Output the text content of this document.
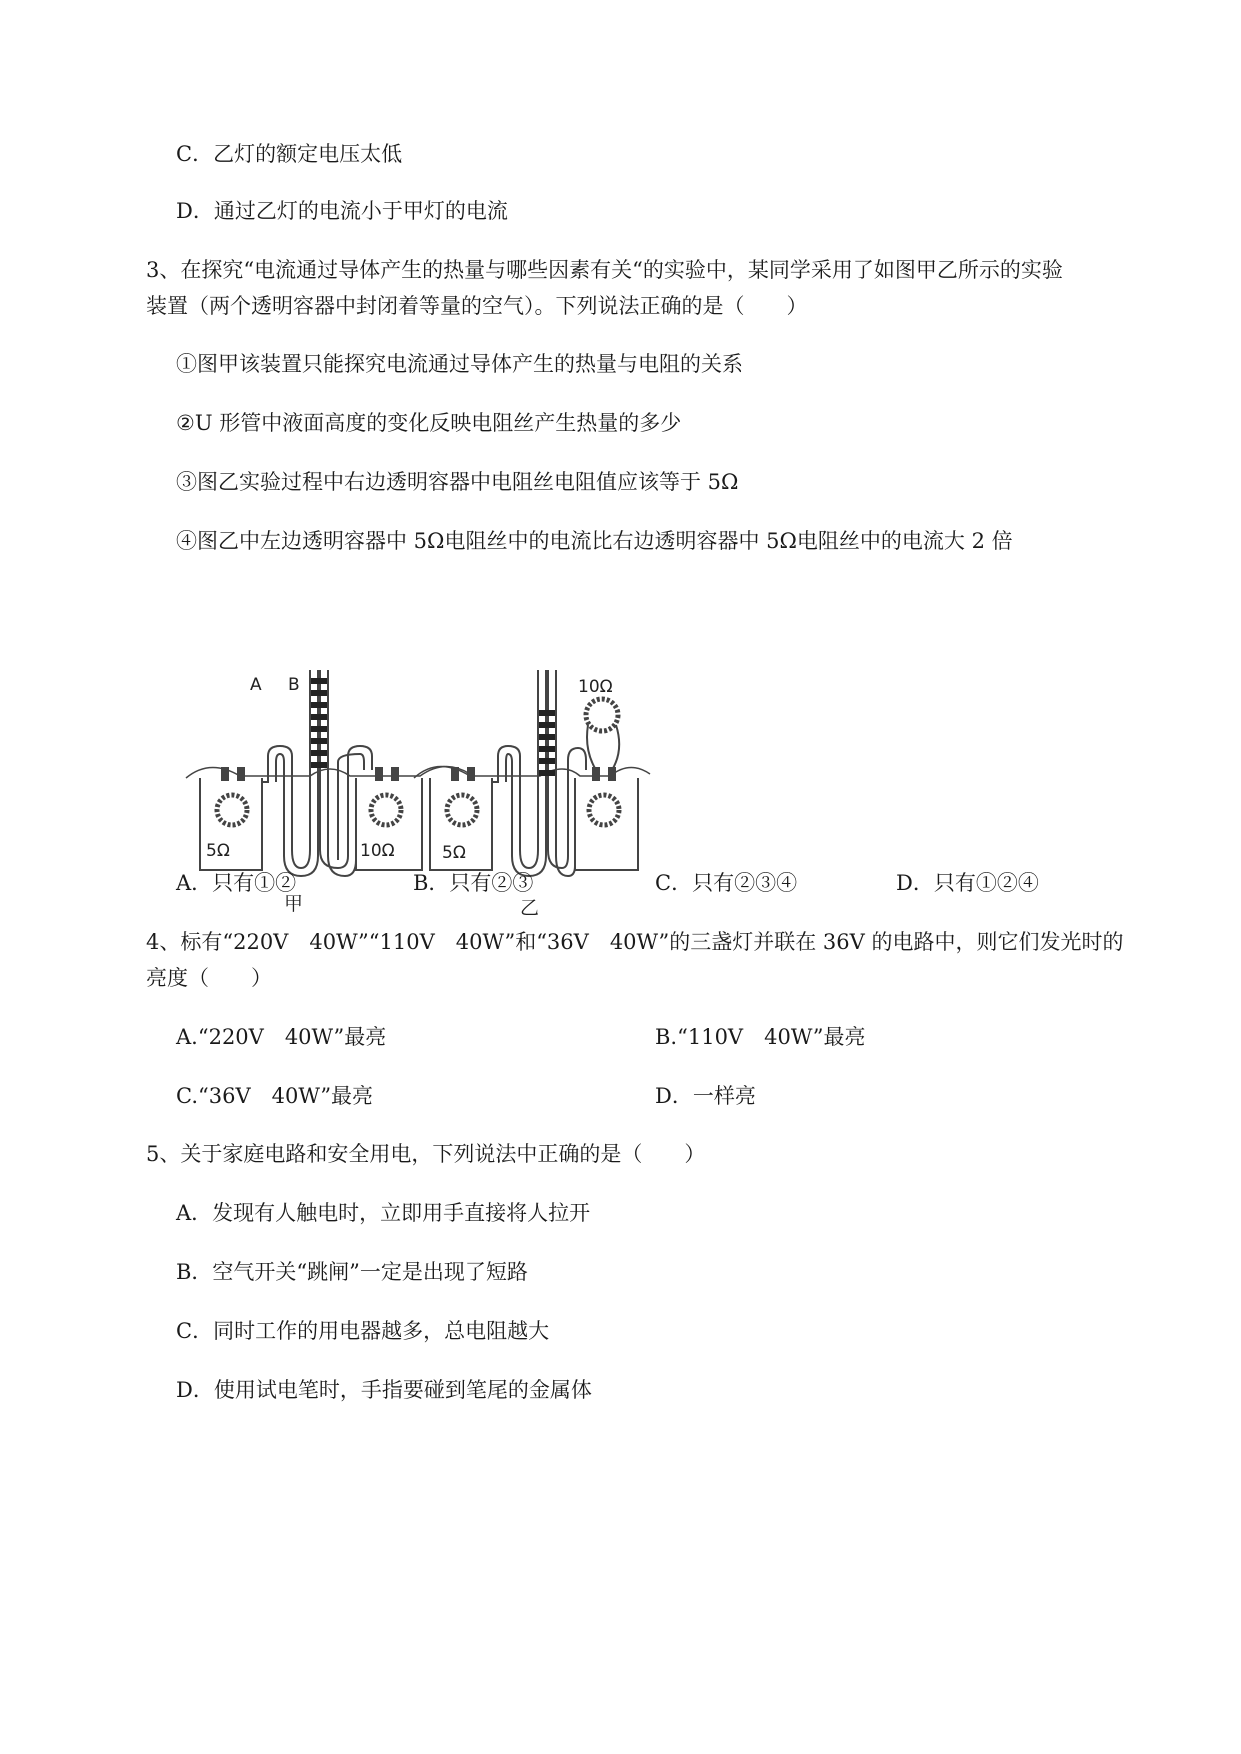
C．乙灯的额定电压太低
D．通过乙灯的电流小于甲灯的电流
3、在探究“电流通过导体产生的热量与哪些因素有关“的实验中，某同学采用了如图甲乙所示的实验
装置（两个透明容器中封闭着等量的空气）。下列说法正确的是（　　）
①图甲该装置只能探究电流通过导体产生的热量与电阻的关系
②U 形管中液面高度的变化反映电阻丝产生热量的多少
③图乙实验过程中右边透明容器中电阻丝电阻值应该等于 5Ω
④图乙中左边透明容器中 5Ω电阻丝中的电流比右边透明容器中 5Ω电阻丝中的电流大 2 倍
A B
5Ω	10Ω
甲
5Ω
10Ω
乙
A．只有①②	B．只有②③	C．只有②③④	D．只有①②④
4、标有“220V　40W”“110V　40W”和“36V　40W”的三盏灯并联在 36V 的电路中，则它们发光时的
亮度（　　）
A.“220V　40W”最亮	B.“110V　40W”最亮
C.“36V　40W”最亮	D．一样亮
5、关于家庭电路和安全用电，下列说法中正确的是（　　）
A．发现有人触电时，立即用手直接将人拉开
B．空气开关“跳闸”一定是出现了短路
C．同时工作的用电器越多，总电阻越大
D．使用试电笔时，手指要碰到笔尾的金属体
